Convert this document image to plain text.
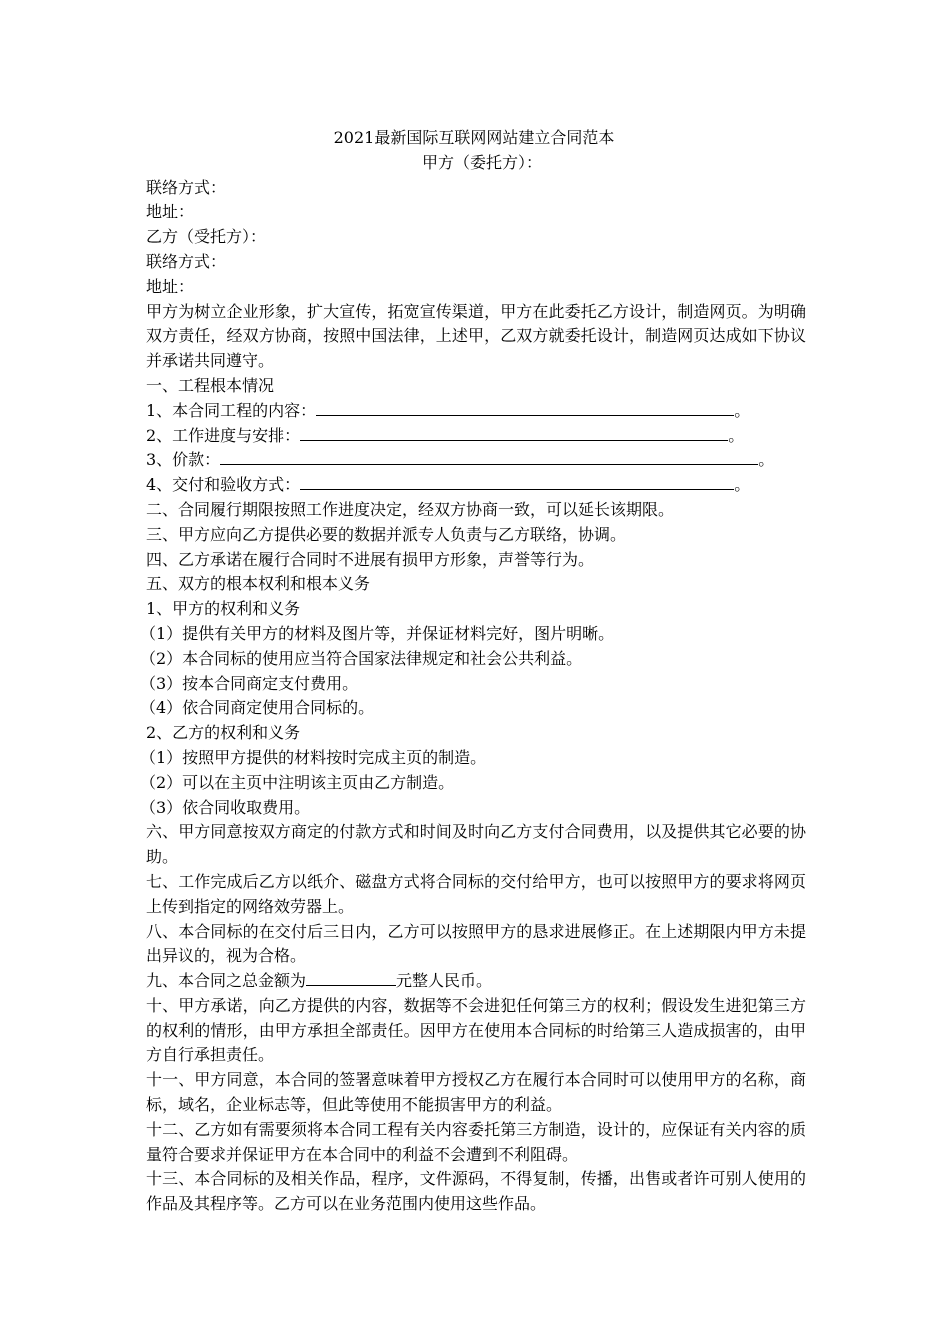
2021最新国际互联网网站建立合同范本
甲方（委托方）：
联络方式：
地址：
乙方（受托方）：
联络方式：
地址：
甲方为树立企业形象，扩大宣传，拓宽宣传渠道，甲方在此委托乙方设计，制造网页。为明确双方责任，经双方协商，按照中国法律，上述甲，乙双方就委托设计，制造网页达成如下协议并承诺共同遵守。
一、工程根本情况
1、本合同工程的内容：	。
2、工作进度与安排：	。
3、价款：	。
4、交付和验收方式：	。
二、合同履行期限按照工作进度决定，经双方协商一致，可以延长该期限。
三、甲方应向乙方提供必要的数据并派专人负责与乙方联络，协调。
四、乙方承诺在履行合同时不进展有损甲方形象，声誉等行为。
五、双方的根本权利和根本义务
1、甲方的权利和义务
（1）提供有关甲方的材料及图片等，并保证材料完好，图片明晰。
（2）本合同标的使用应当符合国家法律规定和社会公共利益。
（3）按本合同商定支付费用。
（4）依合同商定使用合同标的。
2、乙方的权利和义务
（1）按照甲方提供的材料按时完成主页的制造。
（2）可以在主页中注明该主页由乙方制造。
（3）依合同收取费用。
六、甲方同意按双方商定的付款方式和时间及时向乙方支付合同费用，以及提供其它必要的协助。
七、工作完成后乙方以纸介、磁盘方式将合同标的交付给甲方，也可以按照甲方的要求将网页上传到指定的网络效劳器上。
八、本合同标的在交付后三日内，乙方可以按照甲方的恳求进展修正。在上述期限内甲方未提出异议的，视为合格。
九、本合同之总金额为	元整人民币。
十、甲方承诺，向乙方提供的内容，数据等不会进犯任何第三方的权利；假设发生进犯第三方的权利的情形，由甲方承担全部责任。因甲方在使用本合同标的时给第三人造成损害的，由甲方自行承担责任。
十一、甲方同意，本合同的签署意味着甲方授权乙方在履行本合同时可以使用甲方的名称，商标，域名，企业标志等，但此等使用不能损害甲方的利益。
十二、乙方如有需要须将本合同工程有关内容委托第三方制造，设计的，应保证有关内容的质量符合要求并保证甲方在本合同中的利益不会遭到不利阻碍。
十三、本合同标的及相关作品，程序，文件源码，不得复制，传播，出售或者许可别人使用的作品及其程序等。乙方可以在业务范围内使用这些作品。
